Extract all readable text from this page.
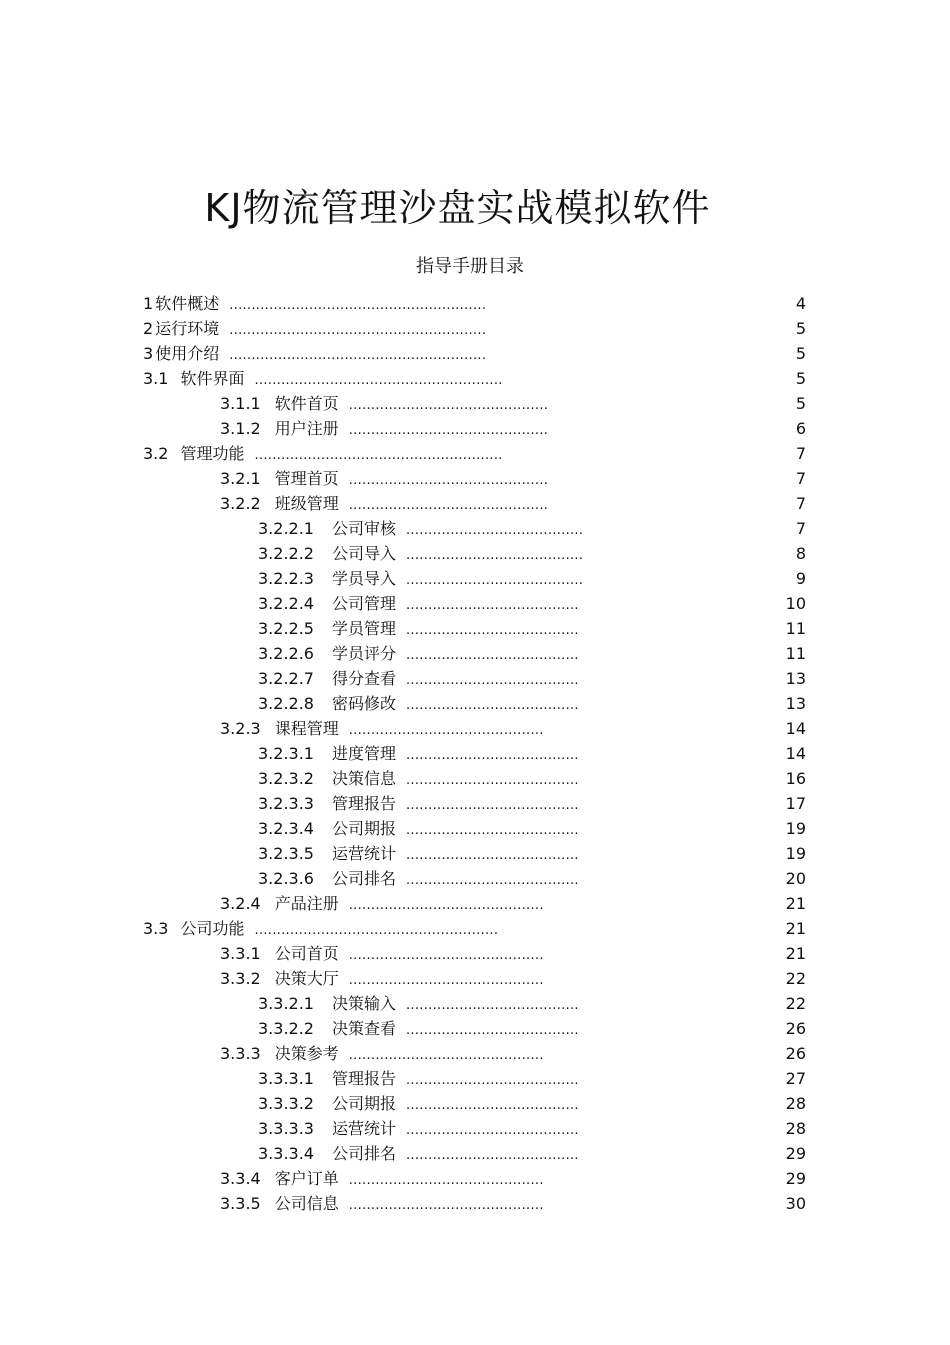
KJ物流管理沙盘实战模拟软件
指导手册目录
1 软件概述 ..........................................................	4
2 运行环境 ..........................................................	5
3 使用介绍 ..........................................................	5
3.1 软件界面 ........................................................	5
3.1.1 软件首页 .............................................	5
3.1.2 用户注册 .............................................	6
3.2 管理功能 ........................................................	7
3.2.1 管理首页 .............................................	7
3.2.2 班级管理 .............................................	7
3.2.2.1 公司审核 ........................................	7
3.2.2.2 公司导入 ........................................	8
3.2.2.3 学员导入 ........................................	9
3.2.2.4 公司管理 .......................................	10
3.2.2.5 学员管理 .......................................	11
3.2.2.6 学员评分 .......................................	11
3.2.2.7 得分查看 .......................................	13
3.2.2.8 密码修改 .......................................	13
3.2.3 课程管理 ............................................	14
3.2.3.1 进度管理 .......................................	14
3.2.3.2 决策信息 .......................................	16
3.2.3.3 管理报告 .......................................	17
3.2.3.4 公司期报 .......................................	19
3.2.3.5 运营统计 .......................................	19
3.2.3.6 公司排名 .......................................	20
3.2.4 产品注册 ............................................	21
3.3 公司功能 .......................................................	21
3.3.1 公司首页 ............................................	21
3.3.2 决策大厅 ............................................	22
3.3.2.1 决策输入 .......................................	22
3.3.2.2 决策查看 .......................................	26
3.3.3 决策参考 ............................................	26
3.3.3.1 管理报告 .......................................	27
3.3.3.2 公司期报 .......................................	28
3.3.3.3 运营统计 .......................................	28
3.3.3.4 公司排名 .......................................	29
3.3.4 客户订单 ............................................	29
3.3.5 公司信息 ............................................	30
